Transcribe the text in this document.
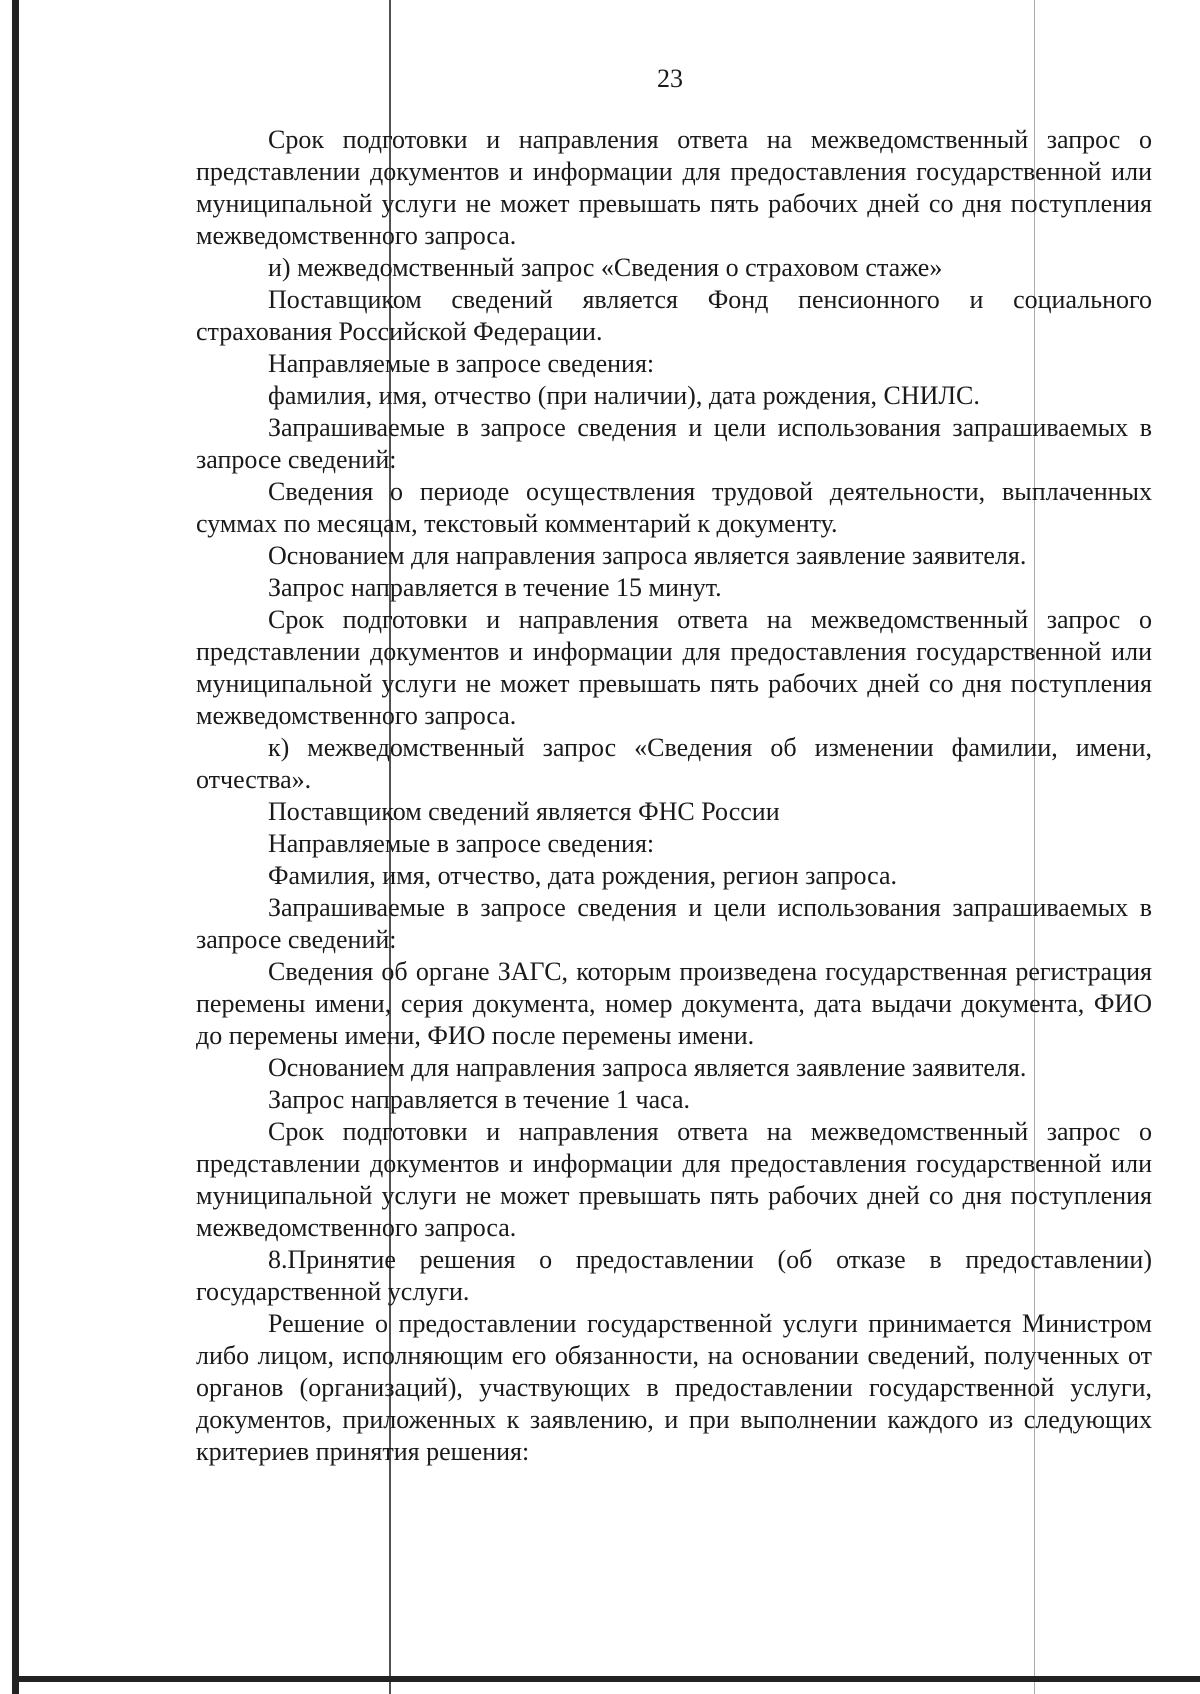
23

Срок подготовки и направления ответа на межведомственный запрос о представлении документов и информации для предоставления государственной или муниципальной услуги не может превышать пять рабочих дней со дня поступления межведомственного запроса.

и) межведомственный запрос «Сведения о страховом стаже»

Поставщиком сведений является Фонд пенсионного и социального страхования Российской Федерации.

Направляемые в запросе сведения:

фамилия, имя, отчество (при наличии), дата рождения, СНИЛС.

Запрашиваемые в запросе сведения и цели использования запрашиваемых в запросе сведений:

Сведения о периоде осуществления трудовой деятельности, выплаченных суммах по месяцам, текстовый комментарий к документу.

Основанием для направления запроса является заявление заявителя.

Запрос направляется в течение 15 минут.

Срок подготовки и направления ответа на межведомственный запрос о представлении документов и информации для предоставления государственной или муниципальной услуги не может превышать пять рабочих дней со дня поступления межведомственного запроса.

к) межведомственный запрос «Сведения об изменении фамилии, имени, отчества».

Поставщиком сведений является ФНС России

Направляемые в запросе сведения:

Фамилия, имя, отчество, дата рождения, регион запроса.

Запрашиваемые в запросе сведения и цели использования запрашиваемых в запросе сведений:

Сведения об органе ЗАГС, которым произведена государственная регистрация перемены имени, серия документа, номер документа, дата выдачи документа, ФИО до перемены имени, ФИО после перемены имени.

Основанием для направления запроса является заявление заявителя.

Запрос направляется в течение 1 часа.

Срок подготовки и направления ответа на межведомственный запрос о представлении документов и информации для предоставления государственной или муниципальной услуги не может превышать пять рабочих дней со дня поступления межведомственного запроса.

8.Принятие решения о предоставлении (об отказе в предоставлении) государственной услуги.

Решение о предоставлении государственной услуги принимается Министром либо лицом, исполняющим его обязанности, на основании сведений, полученных от органов (организаций), участвующих в предоставлении государственной услуги, документов, приложенных к заявлению, и при выполнении каждого из следующих критериев принятия решения:
